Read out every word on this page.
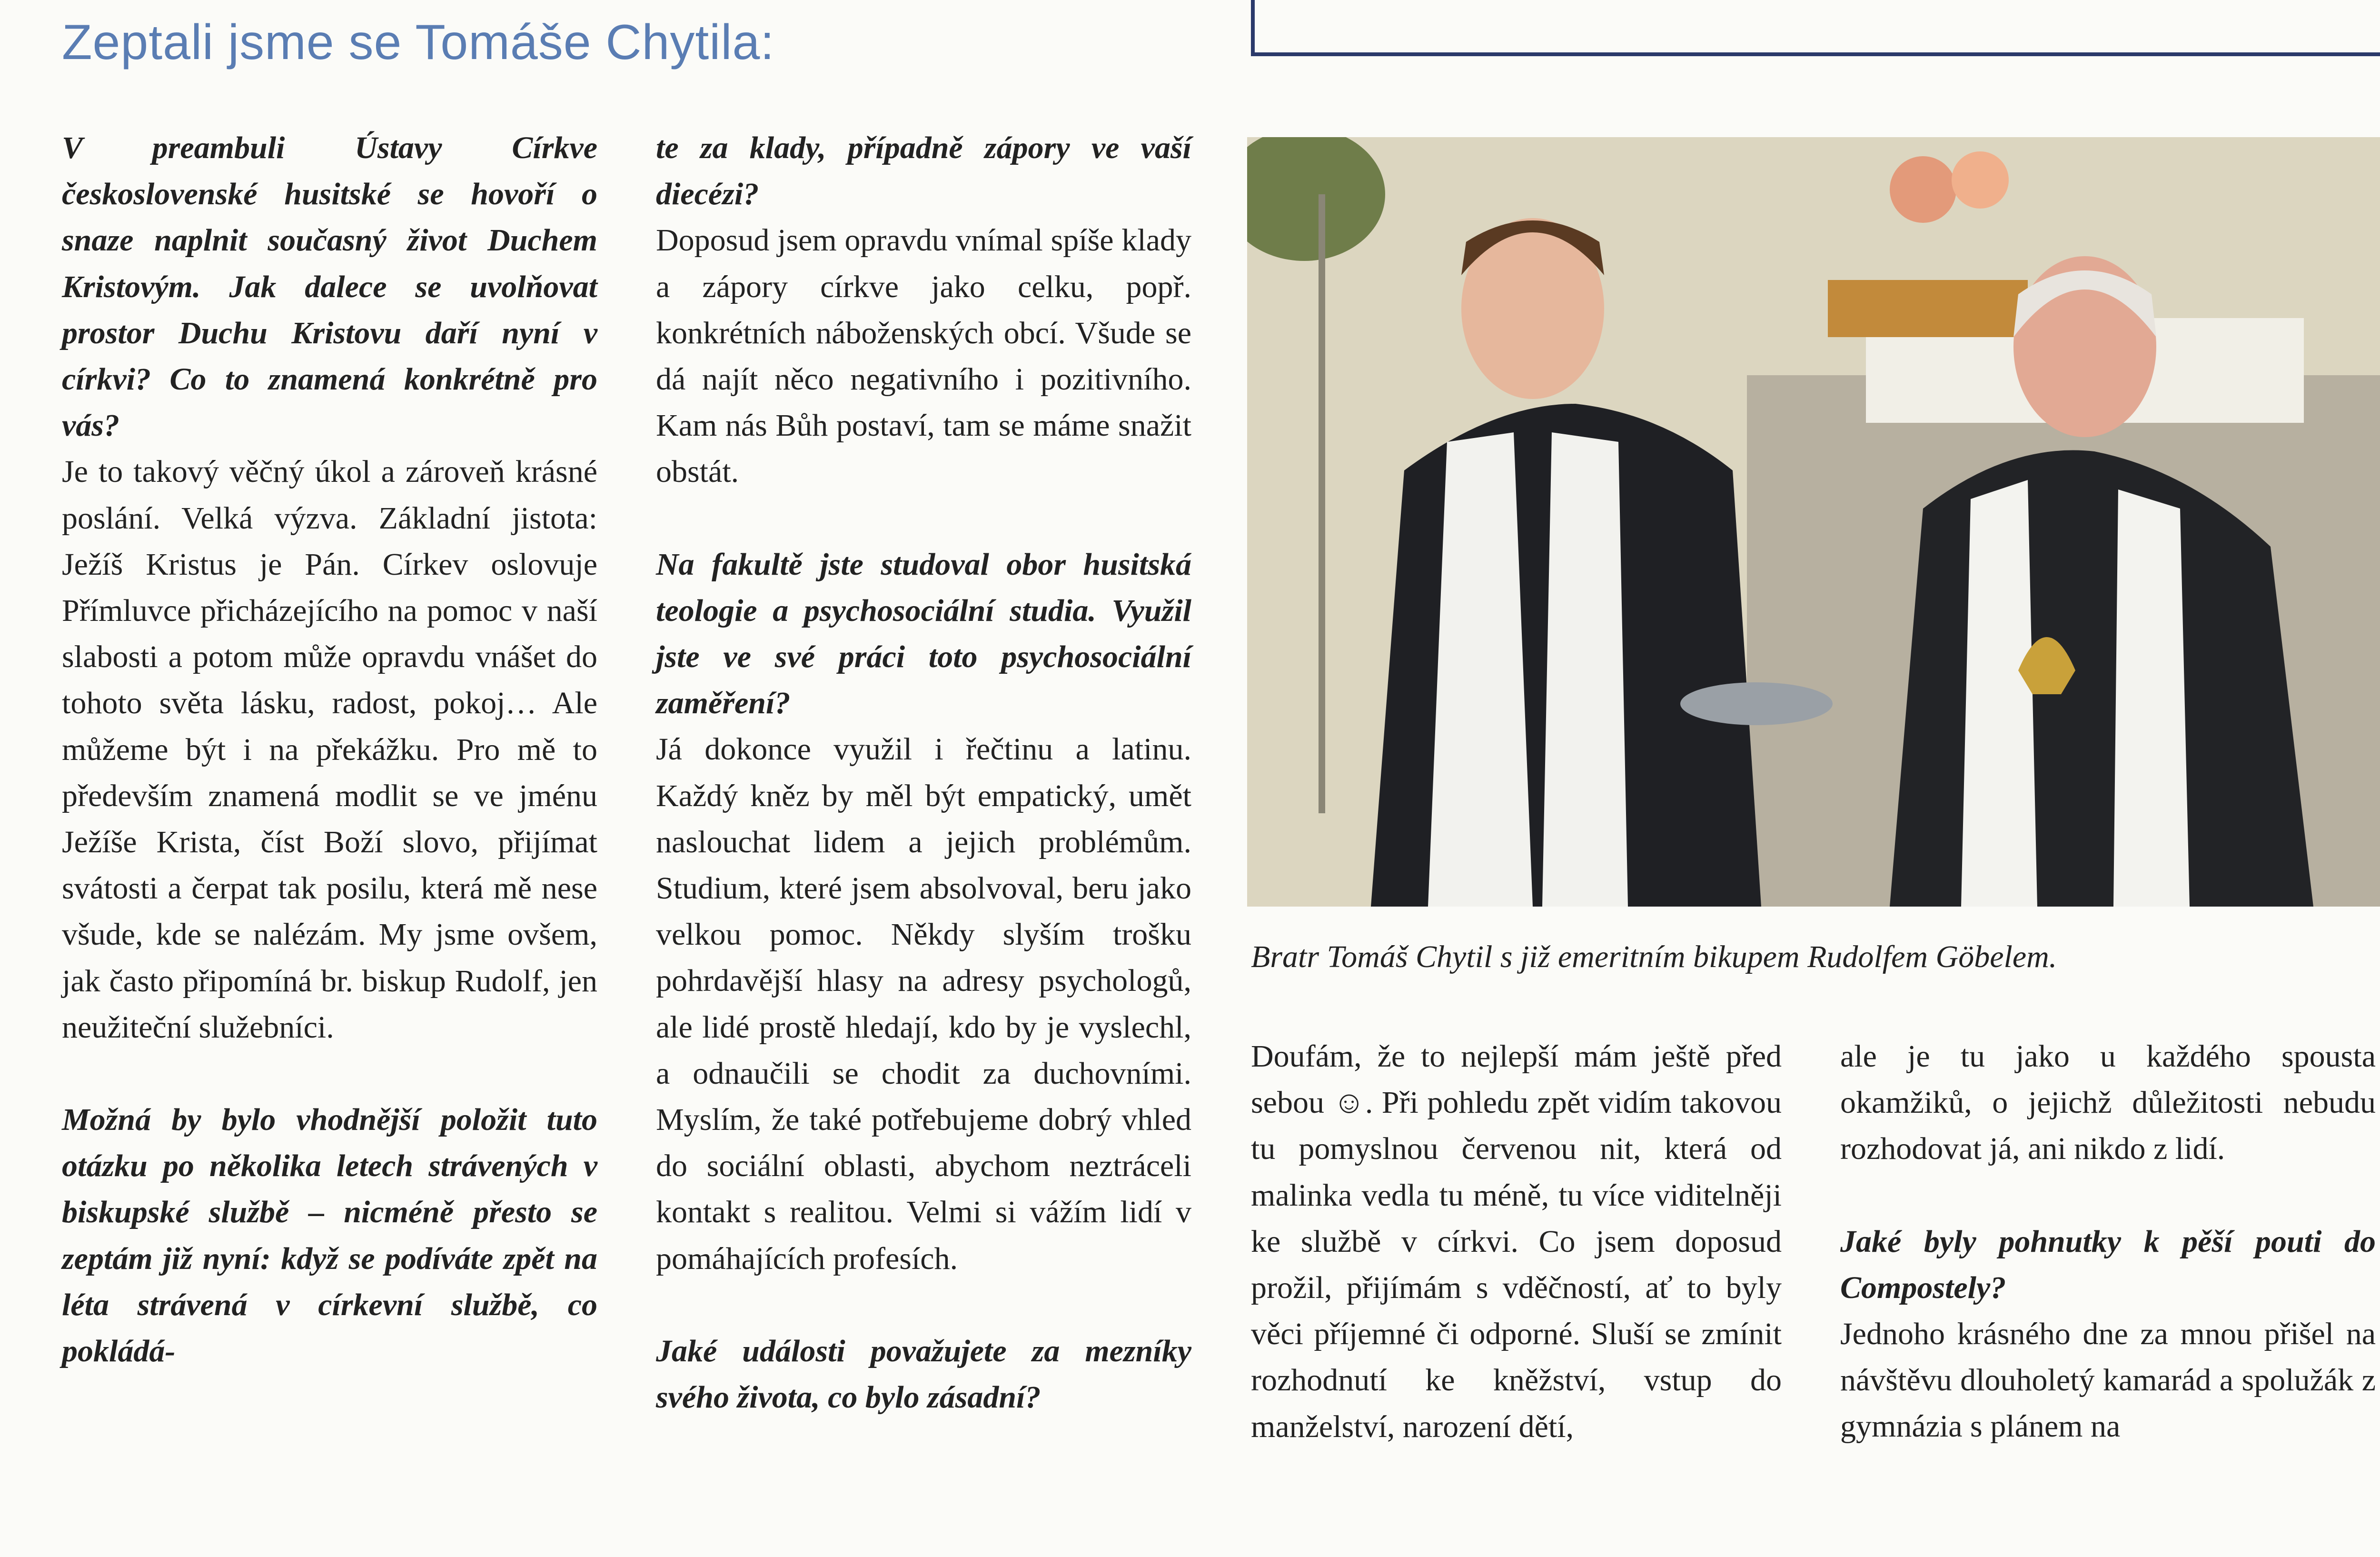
Zeptali jsme se Tomáše Chytila:

V preambuli Ústavy Církve československé husitské se hovoří o snaze naplnit současný život Duchem Kristovým. Jak dalece se uvolňovat prostor Duchu Kristovu daří nyní v církvi? Co to znamená konkrétně pro vás?

Je to takový věčný úkol a zároveň krásné poslání. Velká výzva. Základní jistota: Ježíš Kristus je Pán. Církev oslovuje Přímluvce přicházejícího na pomoc v naší slabosti a potom může opravdu vnášet do tohoto světa lásku, radost, pokoj… Ale můžeme být i na překážku. Pro mě to především znamená modlit se ve jménu Ježíše Krista, číst Boží slovo, přijímat svátosti a čerpat tak posilu, která mě nese všude, kde se nalézám. My jsme ovšem, jak často připomíná br. biskup Rudolf, jen neužiteční služebníci.

Možná by bylo vhodnější položit tuto otázku po několika letech strávených v biskupské službě – nicméně přesto se zeptám již nyní: když se podíváte zpět na léta strávená v církevní službě, co pokládá-

te za klady, případně zápory ve vaší diecézi?

Doposud jsem opravdu vnímal spíše klady a zápory církve jako celku, popř. konkrétních náboženských obcí. Všude se dá najít něco negativního i pozitivního. Kam nás Bůh postaví, tam se máme snažit obstát.

Na fakultě jste studoval obor husitská teologie a psychosociální studia. Využil jste ve své práci toto psychosociální zaměření?

Já dokonce využil i řečtinu a latinu. Každý kněz by měl být empatický, umět naslouchat lidem a jejich problémům. Studium, které jsem absolvoval, beru jako velkou pomoc. Někdy slyším trošku pohrdavější hlasy na adresy psychologů, ale lidé prostě hledají, kdo by je vyslechl, a odnaučili se chodit za duchovními. Myslím, že také potřebujeme dobrý vhled do sociální oblasti, abychom neztráceli kontakt s realitou. Velmi si vážím lidí v pomáhajících profesích.

Jaké události považujete za mezníky svého života, co bylo zásadní?

Bratr Tomáš Chytil s již emeritním bikupem Rudolfem Göbelem.

Doufám, že to nejlepší mám ještě před sebou ☺. Při pohledu zpět vidím takovou tu pomyslnou červenou nit, která od malinka vedla tu méně, tu více viditelněji ke službě v církvi. Co jsem doposud prožil, přijímám s vděčností, ať to byly věci příjemné či odporné. Sluší se zmínit rozhodnutí ke kněžství, vstup do manželství, narození dětí,

ale je tu jako u každého spousta okamžiků, o jejichž důležitosti nebudu rozhodovat já, ani nikdo z lidí.

Jaké byly pohnutky k pěší pouti do Compostely?

Jednoho krásného dne za mnou přišel na návštěvu dlouholetý kamarád a spolužák z gymnázia s plánem na
